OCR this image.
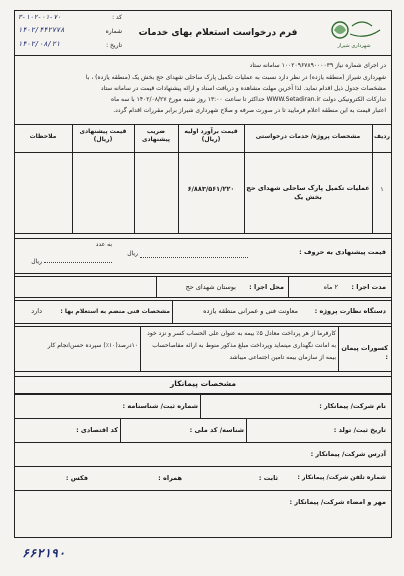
شهرداری شیراز
فرم درخواست استعلام بهای خدمات
کد :
۳-۱۰۲-۰۱-۷۰
شماره
۱۴۰۲/۴۴۲۷۷۸
تاریخ :
۱۴۰۲/۰۸/۲۱
در اجرای شماره نیاز ۱۰۰۲۰۹۶۷۸۹۰۰۰۰۳۹ سامانه ستاد
شهرداری شیراز (منطقه یازده) در نظر دارد نسبت به عملیات تکمیل پارک ساحلی شهدای حج بخش یک (منطقه یازده) ، با
مشخصات جدول ذیل اقدام نماید. لذا آخرین مهلت مشاهده و دریافت اسناد و ارائه پیشنهادات قیمت در سامانه ستاد
تدارکات الکترونیکی دولت WWW.Setadiran.ir حداکثر تا ساعت ۱۳:۰۰ روز شنبه مورخ ۱۴۰۲/۰۸/۲۷ با سه ماه
اعتبار قیمت به این منطقه اعلام فرمایید تا در صورت صرفه و صلاح شهرداری شیراز برابر مقررات اقدام گردد.
ردیف
مشخصات پروژه/ خدمات درخواستی
قیمت برآورد اولیه (ریال)
ضریب پیشنهادی
قیمت پیشنهادی (ریال)
ملاحظات
۱
عملیات تکمیل پارک ساحلی شهدای حج بخش یک
۶/۸۸۳/۵۶۱/۲۲۰
قیمت پیشنهادی به حروف :
ریال
به عدد
ریال
مدت اجرا :
۲ ماه
محل اجرا :
بوستان شهدای حج
دستگاه نظارت پروژه :
معاونت فنی و عمرانی منطقه یازده
مشخصات فنی منضم به استعلام بها :
دارد
کسورات پیمان :
کارفرما از هر پرداخت معادل ۵٪ بیمه به عنوان علی الحساب کسر و نزد خود
به امانت نگهداری مینماید وپرداخت مبلغ مذکور منوط به ارائه مفاصاحساب
بیمه از سازمان بیمه تامین اجتماعی میباشد
۱۰درصد(۱۰٪) سپرده حسن‌انجام کار
مشخصات پیمانکار
نام شرکت/ پیمانکار :
شماره ثبت/ شناسنامه :
تاریخ ثبت/ تولد :
شناسه/ کد ملی :
کد اقتصادی :
آدرس شرکت/ پیمانکار :
شماره تلفن شرکت/ پیمانکار :
ثابت :
همراه :
فکس :
مهر و امضاء شرکت/ پیمانکار :
۶۶۲۱۹۰
